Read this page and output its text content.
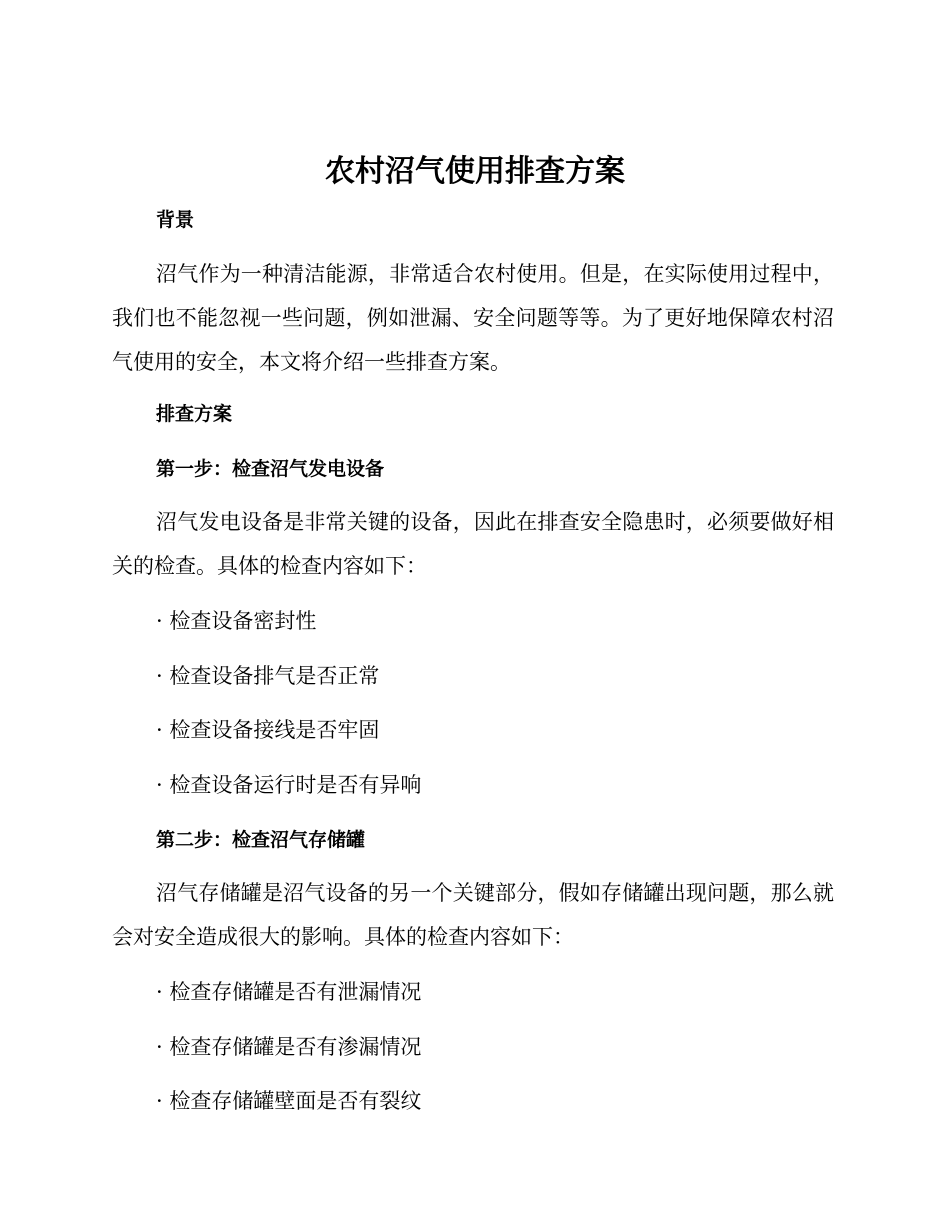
农村沼气使用排查方案

背景

沼气作为一种清洁能源，非常适合农村使用。但是，在实际使用过程中，我们也不能忽视一些问题，例如泄漏、安全问题等等。为了更好地保障农村沼气使用的安全，本文将介绍一些排查方案。

排查方案

第一步：检查沼气发电设备

沼气发电设备是非常关键的设备，因此在排查安全隐患时，必须要做好相关的检查。具体的检查内容如下：

· 检查设备密封性

· 检查设备排气是否正常

· 检查设备接线是否牢固

· 检查设备运行时是否有异响

第二步：检查沼气存储罐

沼气存储罐是沼气设备的另一个关键部分，假如存储罐出现问题，那么就会对安全造成很大的影响。具体的检查内容如下：

· 检查存储罐是否有泄漏情况

· 检查存储罐是否有渗漏情况

· 检查存储罐壁面是否有裂纹
